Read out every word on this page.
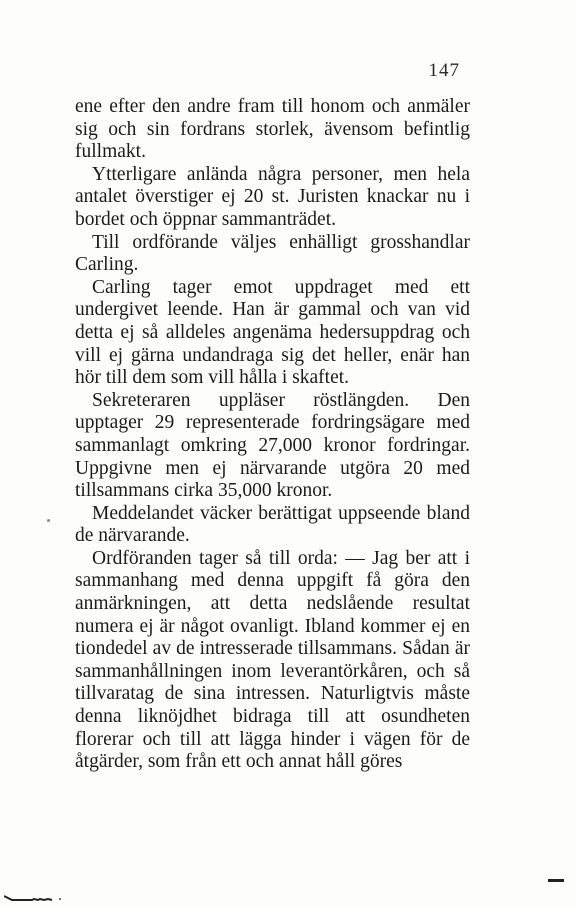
147

ene efter den andre fram till honom och anmäler sig och sin fordrans storlek, ävensom befintlig fullmakt.

Ytterligare anlända några personer, men hela antalet överstiger ej 20 st. Juristen knackar nu i bordet och öppnar sammanträdet.

Till ordförande väljes enhälligt grosshandlar Carling.

Carling tager emot uppdraget med ett undergivet leende. Han är gammal och van vid detta ej så alldeles angenäma hedersuppdrag och vill ej gärna undandraga sig det heller, enär han hör till dem som vill hålla i skaftet.

Sekreteraren uppläser röstlängden. Den upptager 29 representerade fordringsägare med sammanlagt omkring 27,000 kronor fordringar. Uppgivne men ej närvarande utgöra 20 med tillsammans cirka 35,000 kronor.

Meddelandet väcker berättigat uppseende bland de närvarande.

Ordföranden tager så till orda: — Jag ber att i sammanhang med denna uppgift få göra den anmärkningen, att detta nedslående resultat numera ej är något ovanligt. Ibland kommer ej en tiondedel av de intresserade tillsammans. Sådan är sammanhållningen inom leverantörkåren, och så tillvaratag de sina intressen. Naturligtvis måste denna liknöjdhet bidraga till att osundheten florerar och till att lägga hinder i vägen för de åtgärder, som från ett och annat håll göres
